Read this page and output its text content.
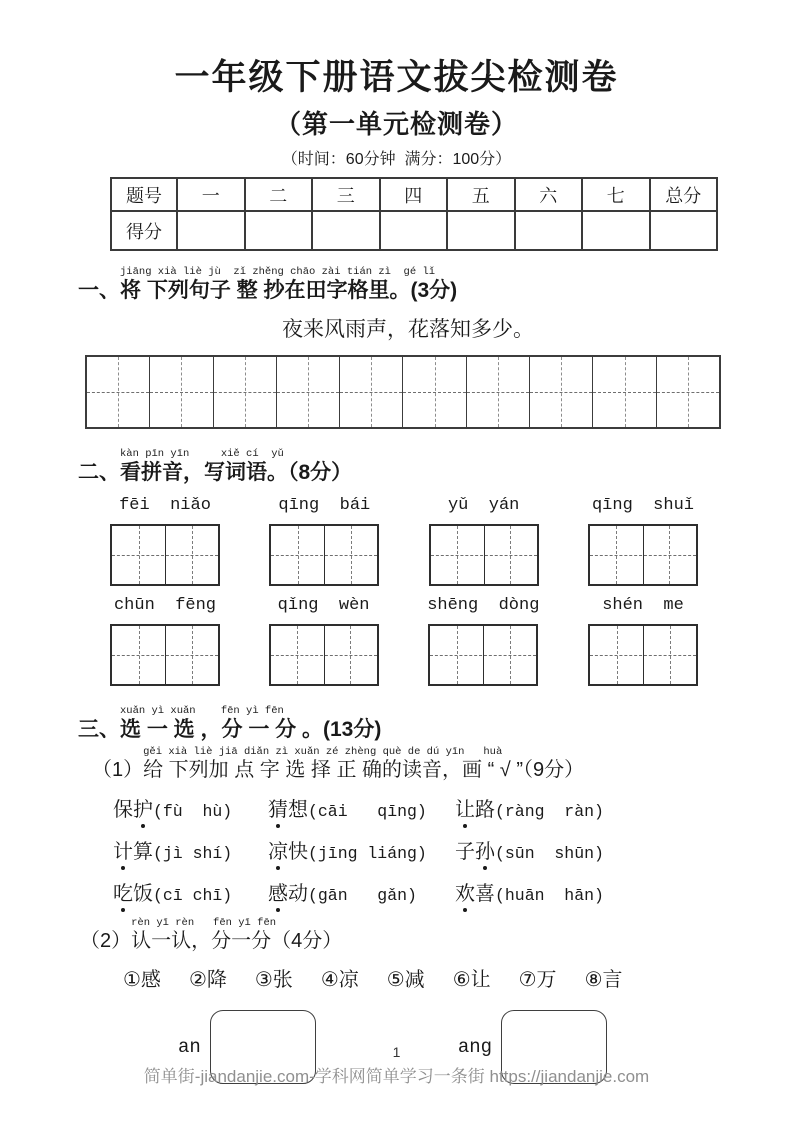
一年级下册语文拔尖检测卷
（第一单元检测卷）
（时间：60分钟  满分：100分）
题号	一	二	三	四	五	六	七	总分
得分								
一、
jiāng xià liè jù  zǐ zhěng chāo zài tián zì  gé lǐ
将 下列句子 整 抄在田字格里。(3分)
夜来风雨声，花落知多少。
二、
kàn pīn yīn     xiě cí  yǔ
看拼音，写词语。（8分）
fēi  niǎo	qīng  bái	yǔ  yán	qīng  shuǐ
chūn  fēng	qǐng  wèn	shēng  dòng	shén  me
三、
xuǎn yì xuǎn    fēn yì fēn
选 一 选 ，分 一 分 。(13分)
（1）
gěi xià liè jiā diǎn zì xuǎn zé zhèng què de dú yīn   huà
给 下列加 点 字 选 择 正 确的读音，画 “ √ ”（9分）
保护 (fù  hù) 猜想 (cāi   qīng) 让路 (ràng  ràn)
计算 (jì shí) 凉快 (jīng liáng) 子孙 (sūn  shūn)
吃饭 (cī chī) 感动 (gān   gǎn) 欢喜 (huān  hān)
（2）
rèn yī rèn   fēn yī fēn
认一认，分一分（4分）
①感 ②降 ③张 ④凉 ⑤减 ⑥让 ⑦万 ⑧言
an	ang
1
简单街-jiandanjie.com-学科网简单学习一条街 https://jiandanjie.com
